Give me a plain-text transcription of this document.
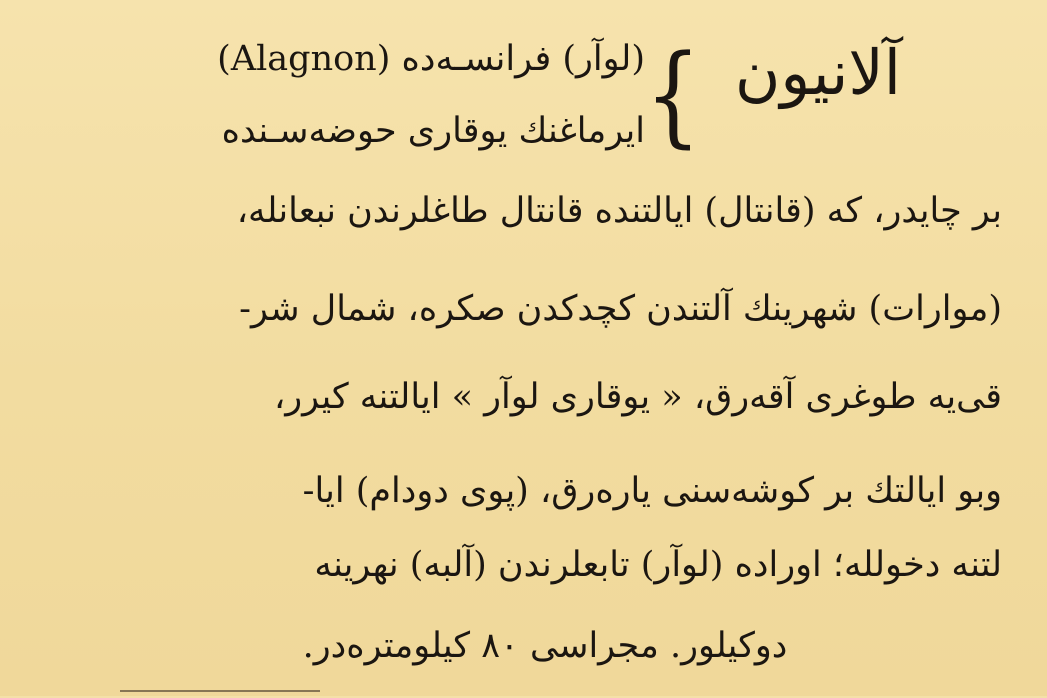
آلانیون
{
(لوآر) فرانسـه‌ده (Alagnon)
ایرماغنك یوقاری حوضه‌سـنده
بر چایدر، که (قانتال) ایالتنده قانتال طاغلرندن نبعانله،
(موارات) شهرینك آلتندن كچدكدن صكره، شمال شر-
قی‌یه طوغری آقه‌رق، « یوقاری لوآر » ایالتنه كیرر،
وبو ایالتك بر كوشه‌سنی یاره‌رق، (پوی دودام) ایا-
لتنه دخولله؛ اوراده (لوآر) تابعلرندن (آلبه) نهرینه
دوكیلور. مجراسی ۸۰ كیلومتره‌در.
